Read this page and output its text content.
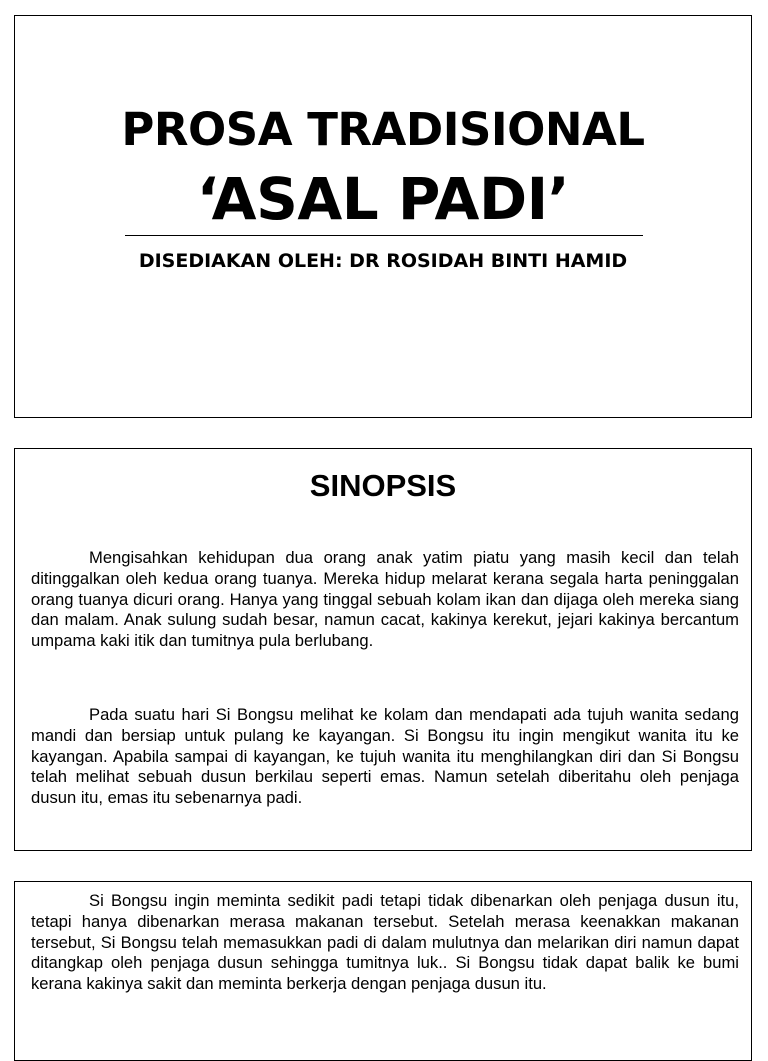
PROSA TRADISIONAL
‘ASAL PADI’
DISEDIAKAN OLEH: DR ROSIDAH BINTI HAMID
SINOPSIS

Mengisahkan kehidupan dua orang anak yatim piatu yang masih kecil dan telah ditinggalkan oleh kedua orang tuanya. Mereka hidup melarat kerana segala harta peninggalan orang tuanya dicuri orang. Hanya yang tinggal sebuah kolam ikan dan dijaga oleh mereka siang dan malam. Anak sulung sudah besar, namun cacat, kakinya kerekut, jejari kakinya bercantum umpama kaki itik dan tumitnya pula berlubang.

Pada suatu hari Si Bongsu melihat ke kolam dan mendapati ada tujuh wanita sedang mandi dan bersiap untuk pulang ke kayangan. Si Bongsu itu ingin mengikut wanita itu ke kayangan. Apabila sampai di kayangan, ke tujuh wanita itu menghilangkan diri dan Si Bongsu telah melihat sebuah dusun berkilau seperti emas. Namun setelah diberitahu oleh penjaga dusun itu, emas itu sebenarnya padi.

Si Bongsu ingin meminta sedikit padi tetapi tidak dibenarkan oleh penjaga dusun itu, tetapi hanya dibenarkan merasa makanan tersebut. Setelah merasa keenakkan makanan tersebut, Si Bongsu telah memasukkan padi di dalam mulutnya dan melarikan diri namun dapat ditangkap oleh penjaga dusun sehingga tumitnya luk.. Si Bongsu tidak dapat balik ke bumi kerana kakinya sakit dan meminta berkerja dengan penjaga dusun itu.
